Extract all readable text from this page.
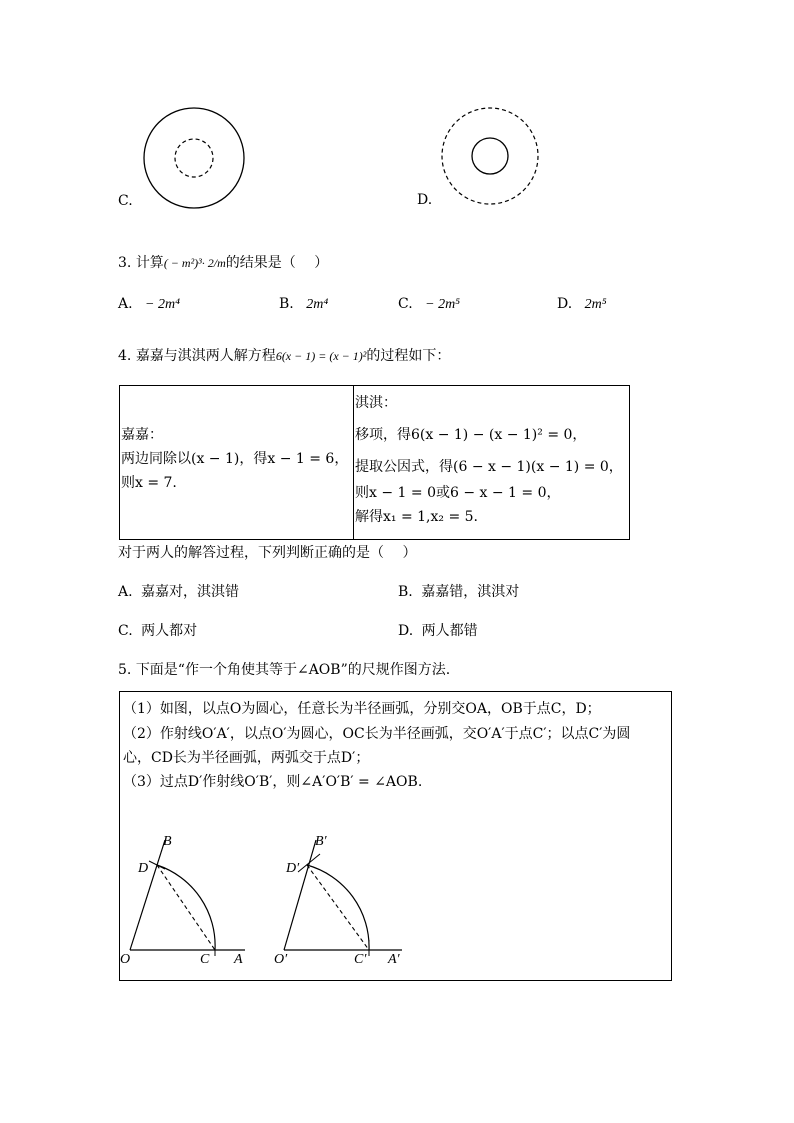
C.	D.
3. 计算( − m²)³· 2/m的结果是（　 ）
A. − 2m⁴	B. 2m⁴	C. − 2m⁵	D. 2m⁵
4. 嘉嘉与淇淇两人解方程6(x − 1) = (x − 1)²的过程如下：
嘉嘉：
两边同除以(x − 1)，得x − 1 = 6，
则x = 7.
淇淇：
移项，得6(x − 1) − (x − 1)² = 0，
提取公因式，得(6 − x − 1)(x − 1) = 0，
则x − 1 = 0或6 − x − 1 = 0，
解得x₁ = 1,x₂ = 5.
对于两人的解答过程，下列判断正确的是（　 ）
A. 嘉嘉对，淇淇错	B. 嘉嘉错，淇淇对
C. 两人都对	D. 两人都错
5. 下面是“作一个角使其等于∠AOB”的尺规作图方法.
（1）如图，以点O为圆心，任意长为半径画弧，分别交OA，OB于点C，D；
（2）作射线O′A′，以点O′为圆心，OC长为半径画弧，交O′A′于点C′；以点C′为圆
心，CD长为半径画弧，两弧交于点D′；
（3）过点D′作射线O′B′，则∠A′O′B′ = ∠AOB.
O	A
B
C
D
O′	A′
B′
C′
D′
